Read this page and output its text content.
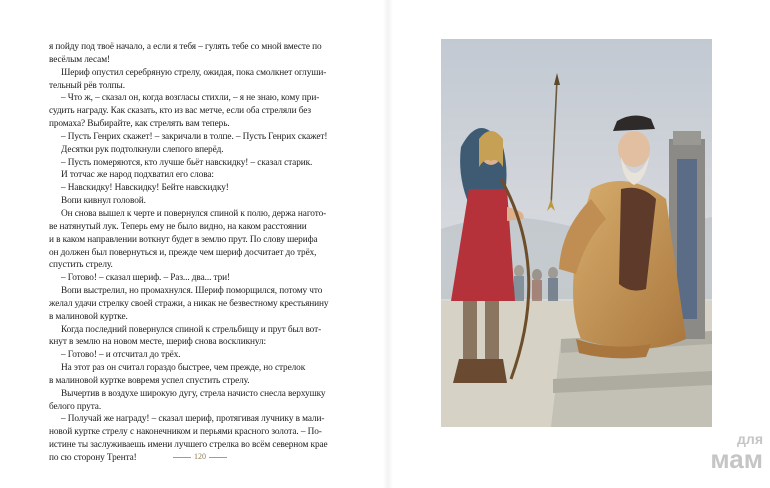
я пойду под твоё начало, а если я тебя – гулять тебе со мной вместе по

весёлым лесам!

Шериф опустил серебряную стрелу, ожидая, пока смолкнет оглуши-

тельный рёв толпы.

– Что ж, – сказал он, когда возгласы стихли, – я не знаю, кому при-

судить награду. Как сказать, кто из вас метче, если оба стреляли без

промаха? Выбирайте, как стрелять вам теперь.

– Пусть Генрих скажет! – закричали в толпе. – Пусть Генрих скажет!

Десятки рук подтолкнули слепого вперёд.

– Пусть померяются, кто лучше бьёт навскидку! – сказал старик.

И тотчас же народ подхватил его слова:

– Навскидку! Навскидку! Бейте навскидку!

Вопи кивнул головой.

Он снова вышел к черте и повернулся спиной к полю, держа нагото-

ве натянутый лук. Теперь ему не было видно, на каком расстоянии

и в каком направлении воткнут будет в землю прут. По слову шерифа

он должен был повернуться и, прежде чем шериф досчитает до трёх,

спустить стрелу.

– Готово! – сказал шериф. – Раз... два... три!

Вопи выстрелил, но промахнулся. Шериф поморщился, потому что

желал удачи стрелку своей стражи, а никак не безвестному крестьянину

в малиновой куртке.

Когда последний повернулся спиной к стрельбищу и прут был вот-

кнут в землю на новом месте, шериф снова воскликнул:

– Готово! – и отсчитал до трёх.

На этот раз он считал гораздо быстрее, чем прежде, но стрелок

в малиновой куртке вовремя успел спустить стрелу.

Вычертив в воздухе широкую дугу, стрела начисто снесла верхушку

белого прута.

– Получай же награду! – сказал шериф, протягивая лучнику в мали-

новой куртке стрелу с наконечником и перьями красного золота. – По-

истине ты заслуживаешь имени лучшего стрелка во всём северном крае

по сю сторону Трента!	120
для
мам
